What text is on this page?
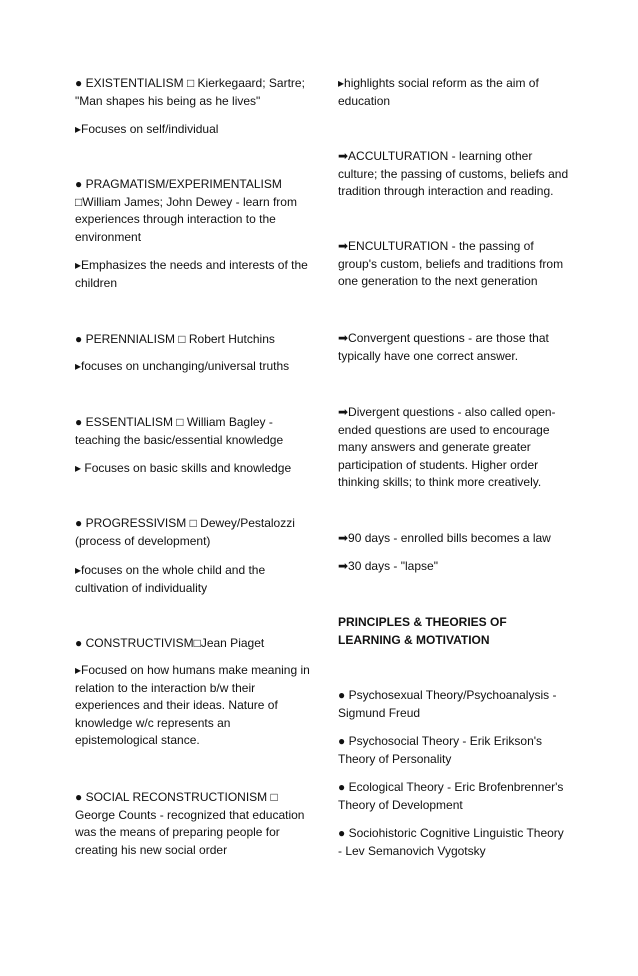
● EXISTENTIALISM □ Kierkegaard; Sartre; "Man shapes his being as he lives"

▸Focuses on self/individual

● PRAGMATISM/EXPERIMENTALISM □William James; John Dewey - learn from experiences through interaction to the environment

▸Emphasizes the needs and interests of the children

● PERENNIALISM □ Robert Hutchins

▸focuses on unchanging/universal truths

● ESSENTIALISM □ William Bagley - teaching the basic/essential knowledge

▸ Focuses on basic skills and knowledge

● PROGRESSIVISM □ Dewey/Pestalozzi (process of development)

▸focuses on the whole child and the cultivation of individuality

● CONSTRUCTIVISM□Jean Piaget

▸Focused on how humans make meaning in relation to the interaction b/w their experiences and their ideas. Nature of knowledge w/c represents an epistemological stance.

● SOCIAL RECONSTRUCTIONISM □ George Counts - recognized that education was the means of preparing people for creating his new social order

▸highlights social reform as the aim of education

➡ACCULTURATION - learning other culture; the passing of customs, beliefs and tradition through interaction and reading.

➡ENCULTURATION - the passing of group's custom, beliefs and traditions from one generation to the next generation

➡Convergent questions - are those that typically have one correct answer.

➡Divergent questions - also called open-ended questions are used to encourage many answers and generate greater participation of students. Higher order thinking skills; to think more creatively.

➡90 days - enrolled bills becomes a law

➡30 days - "lapse"

PRINCIPLES & THEORIES OF LEARNING & MOTIVATION

● Psychosexual Theory/Psychoanalysis - Sigmund Freud

● Psychosocial Theory - Erik Erikson's Theory of Personality

● Ecological Theory - Eric Brofenbrenner's Theory of Development

● Sociohistoric Cognitive Linguistic Theory - Lev Semanovich Vygotsky
